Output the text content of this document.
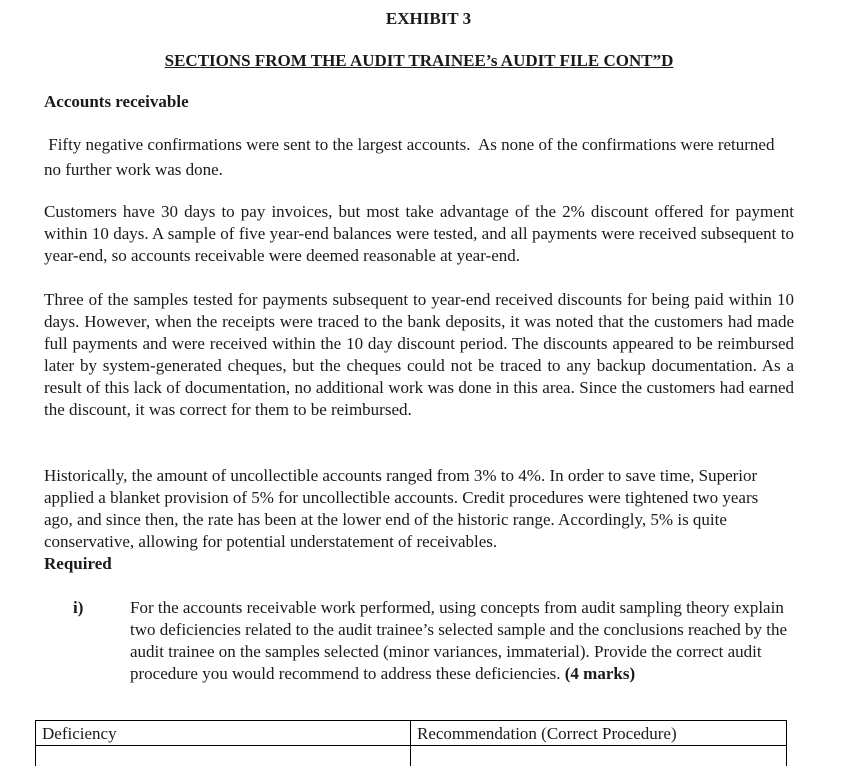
EXHIBIT 3
SECTIONS FROM THE AUDIT TRAINEE’s AUDIT FILE CONT”D
Accounts receivable

Fifty negative confirmations were sent to the largest accounts.  As none of the confirmations were returned no further work was done.

Customers have 30 days to pay invoices, but most take advantage of the 2% discount offered for payment within 10 days. A sample of five year-end balances were tested, and all payments were received subsequent to year-end, so accounts receivable were deemed reasonable at year-end.

Three of the samples tested for payments subsequent to year-end received discounts for being paid within 10 days. However, when the receipts were traced to the bank deposits, it was noted that the customers had made full payments and were received within the 10 day discount period. The discounts appeared to be reimbursed later by system-generated cheques, but the cheques could not be traced to any backup documentation. As a result of this lack of documentation, no additional work was done in this area. Since the customers had earned the discount, it was correct for them to be reimbursed.

Historically, the amount of uncollectible accounts ranged from 3% to 4%. In order to save time, Superior applied a blanket provision of 5% for uncollectible accounts. Credit procedures were tightened two years ago, and since then, the rate has been at the lower end of the historic range. Accordingly, 5% is quite conservative, allowing for potential understatement of receivables.

Required
i)	For the accounts receivable work performed, using concepts from audit sampling theory explain two deficiencies related to the audit trainee’s selected sample and the conclusions reached by the audit trainee on the samples selected (minor variances, immaterial). Provide the correct audit procedure you would recommend to address these deficiencies. (4 marks)

Deficiency	Recommendation (Correct Procedure)
